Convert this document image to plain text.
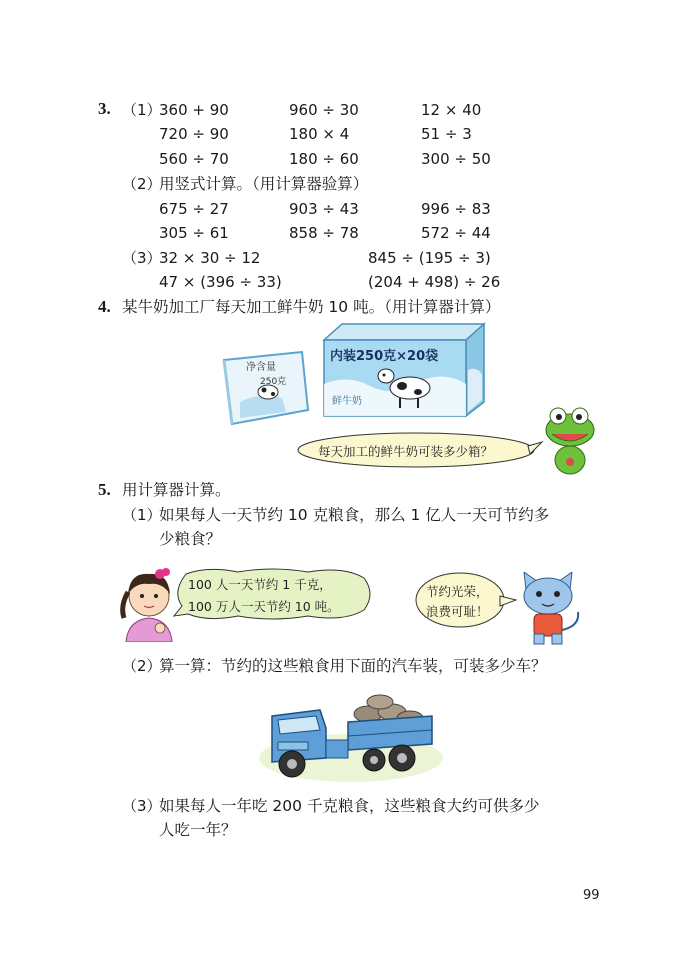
3. （1）
360 + 90	960 ÷ 30	12 × 40
720 ÷ 90	180 × 4	51 ÷ 3
560 ÷ 70	180 ÷ 60	300 ÷ 50
（2）
用竖式计算。（用计算器验算）
675 ÷ 27	903 ÷ 43	996 ÷ 83
305 ÷ 61	858 ÷ 78	572 ÷ 44
（3）
32 × 30 ÷ 12	845 ÷ (195 ÷ 3)
47 × (396 ÷ 33)	(204 + 498) ÷ 26
4. 某牛奶加工厂每天加工鲜牛奶 10 吨。（用计算器计算）
净含量
250克
内装250克×20袋
鲜牛奶
每天加工的鲜牛奶可装多少箱？
5. 用计算器计算。
（1）
如果每人一天节约 10 克粮食，那么 1 亿人一天可节约多
少粮食？
100 人一天节约 1 千克，
100 万人一天节约 10 吨。
节约光荣，
浪费可耻！
（2）
算一算：节约的这些粮食用下面的汽车装，可装多少车？
（3）
如果每人一年吃 200 千克粮食，这些粮食大约可供多少
人吃一年？
99
